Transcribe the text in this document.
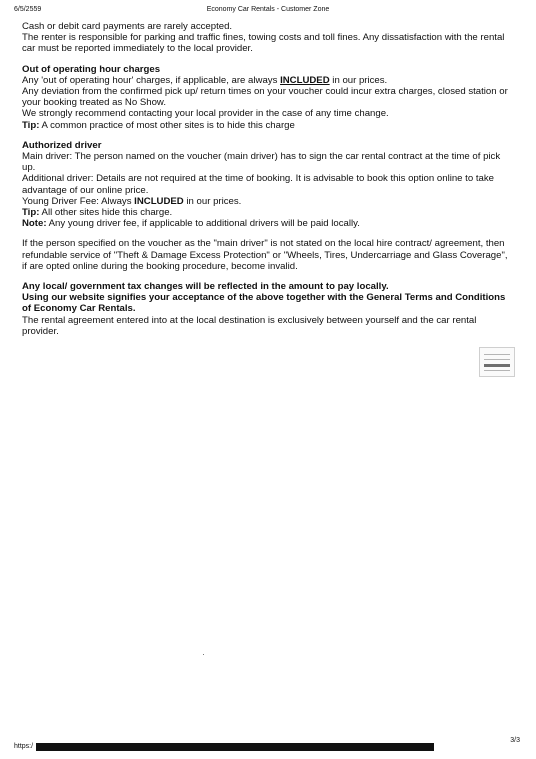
6/5/2559	Economy Car Rentals - Customer Zone

Cash or debit card payments are rarely accepted.

The renter is responsible for parking and traffic fines, towing costs and toll fines. Any dissatisfaction with the rental car must be reported immediately to the local provider.

Out of operating hour charges

Any 'out of operating hour' charges, if applicable, are always INCLUDED in our prices.

Any deviation from the confirmed pick up/ return times on your voucher could incur extra charges, closed station or your booking treated as No Show.

We strongly recommend contacting your local provider in the case of any time change.

Tip: A common practice of most other sites is to hide this charge

Authorized driver

Main driver: The person named on the voucher (main driver) has to sign the car rental contract at the time of pick up.

Additional driver: Details are not required at the time of booking. It is advisable to book this option online to take advantage of our online price.

Young Driver Fee: Always INCLUDED in our prices.

Tip: All other sites hide this charge.

Note: Any young driver fee, if applicable to additional drivers will be paid locally.

If the person specified on the voucher as the "main driver" is not stated on the local hire contract/ agreement, then refundable service of "Theft & Damage Excess Protection" or "Wheels, Tires, Undercarriage and Glass Coverage", if are opted online during the booking procedure, become invalid.

Any local/ government tax changes will be reflected in the amount to pay locally.

Using our website signifies your acceptance of the above together with the General Terms and Conditions of Economy Car Rentals.

The rental agreement entered into at the local destination is exclusively between yourself and the car rental provider.

https:/
3/3
